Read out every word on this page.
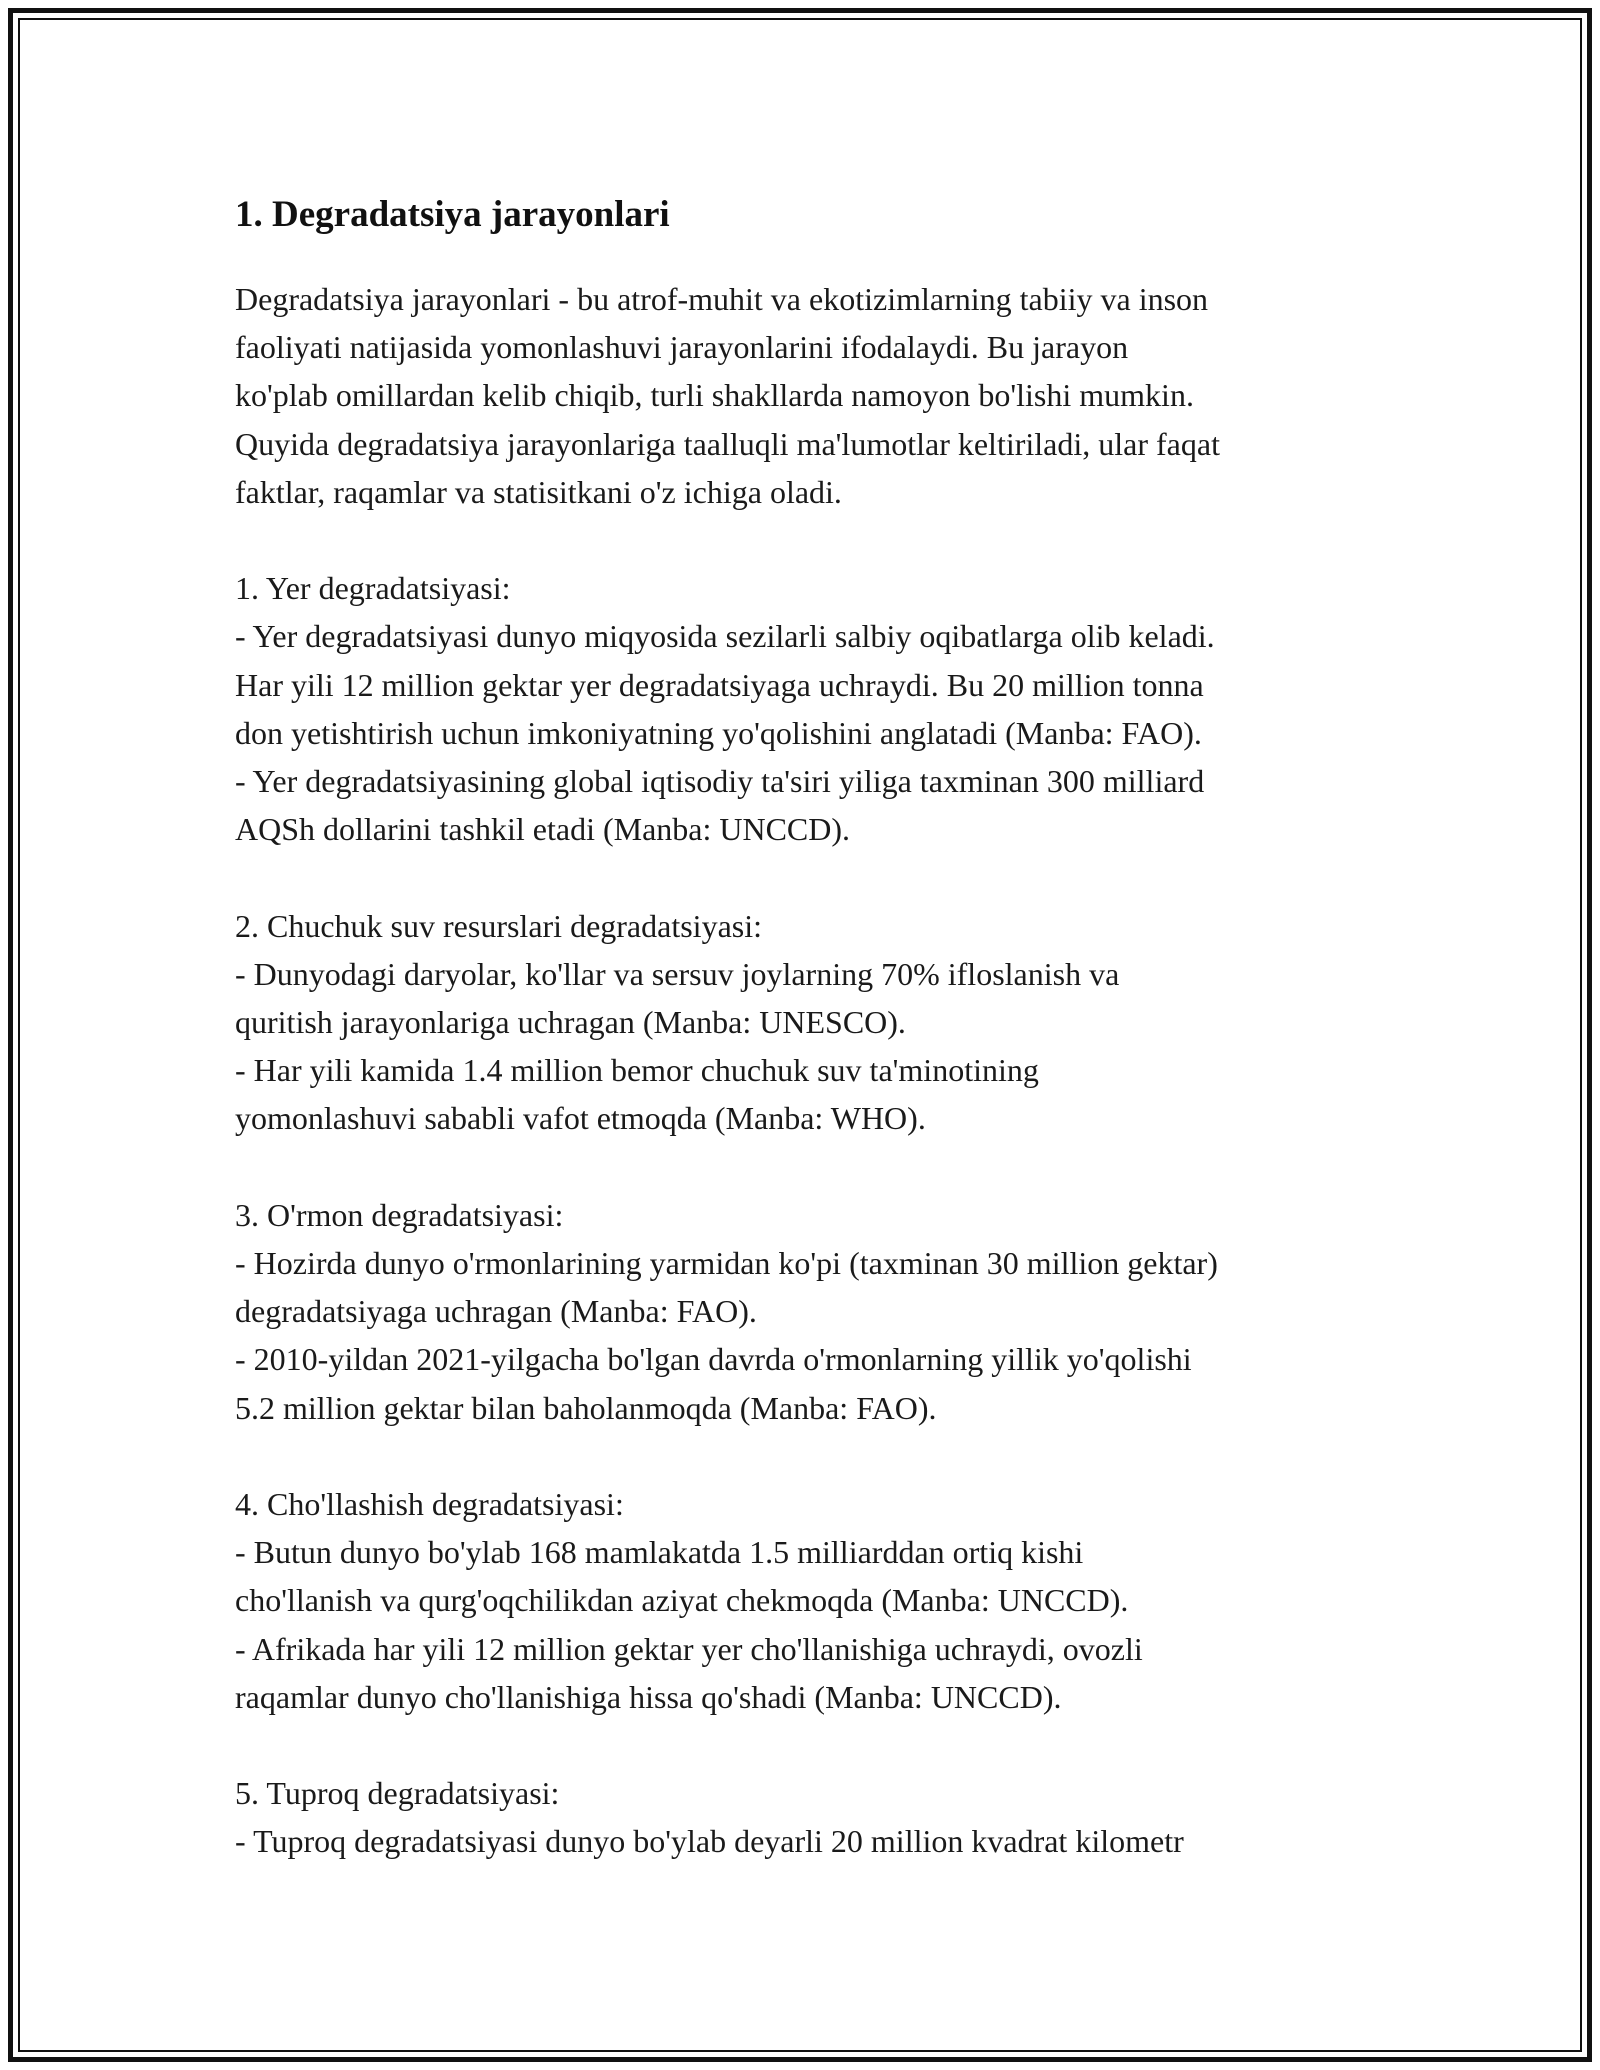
1. Degradatsiya jarayonlari
Degradatsiya jarayonlari - bu atrof-muhit va ekotizimlarning tabiiy va inson
faoliyati natijasida yomonlashuvi jarayonlarini ifodalaydi. Bu jarayon
ko'plab omillardan kelib chiqib, turli shakllarda namoyon bo'lishi mumkin.
Quyida degradatsiya jarayonlariga taalluqli ma'lumotlar keltiriladi, ular faqat
faktlar, raqamlar va statisitkani o'z ichiga oladi.
1. Yer degradatsiyasi:
- Yer degradatsiyasi dunyo miqyosida sezilarli salbiy oqibatlarga olib keladi.
Har yili 12 million gektar yer degradatsiyaga uchraydi. Bu 20 million tonna
don yetishtirish uchun imkoniyatning yo'qolishini anglatadi (Manba: FAO).
- Yer degradatsiyasining global iqtisodiy ta'siri yiliga taxminan 300 milliard
AQSh dollarini tashkil etadi (Manba: UNCCD).
2. Chuchuk suv resurslari degradatsiyasi:
- Dunyodagi daryolar, ko'llar va sersuv joylarning 70% ifloslanish va
quritish jarayonlariga uchragan (Manba: UNESCO).
- Har yili kamida 1.4 million bemor chuchuk suv ta'minotining
yomonlashuvi sababli vafot etmoqda (Manba: WHO).
3. O'rmon degradatsiyasi:
- Hozirda dunyo o'rmonlarining yarmidan ko'pi (taxminan 30 million gektar)
degradatsiyaga uchragan (Manba: FAO).
- 2010-yildan 2021-yilgacha bo'lgan davrda o'rmonlarning yillik yo'qolishi
5.2 million gektar bilan baholanmoqda (Manba: FAO).
4. Cho'llashish degradatsiyasi:
- Butun dunyo bo'ylab 168 mamlakatda 1.5 milliarddan ortiq kishi
cho'llanish va qurg'oqchilikdan aziyat chekmoqda (Manba: UNCCD).
- Afrikada har yili 12 million gektar yer cho'llanishiga uchraydi, ovozli
raqamlar dunyo cho'llanishiga hissa qo'shadi (Manba: UNCCD).
5. Tuproq degradatsiyasi:
- Tuproq degradatsiyasi dunyo bo'ylab deyarli 20 million kvadrat kilometr
